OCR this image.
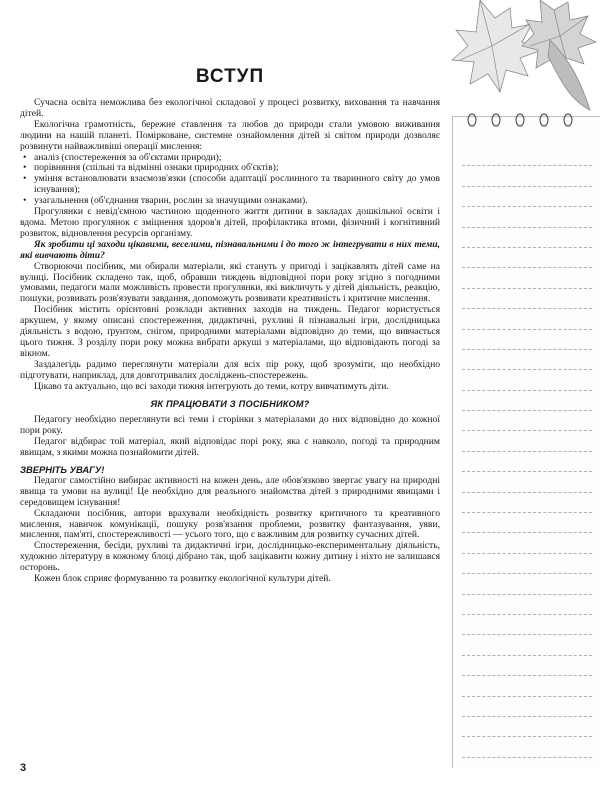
ВСТУП

Сучасна освіта неможлива без екологічної складової у процесі розвитку, виховання та навчання дітей.

Екологічна грамотність, бережне ставлення та любов до природи стали умовою виживання людини на нашій планеті. Помірковане, системне ознайомлення дітей зі світом природи дозволяє розвинути найважливіші операції мислення:

• аналіз (спостереження за об'єктами природи);
• порівняння (спільні та відмінні ознаки природних об'єктів);
• уміння встановлювати взаємозв'язки (способи адаптації рослинного та тваринного світу до умов існування);
• узагальнення (об'єднання тварин, рослин за значущими ознаками).

Прогулянки є невід'ємною частиною щоденного життя дитини в закладах дошкільної освіти і вдома. Метою прогулянок є зміцнення здоров'я дітей, профілактика втоми, фізичний і когнітивний розвиток, відновлення ресурсів організму.

Як зробити ці заходи цікавими, веселими, пізнавальними і до того ж інтегрувати в них теми, які вивчають діти?

Створюючи посібник, ми обирали матеріали, які стануть у пригоді і зацікавлять дітей саме на вулиці. Посібник складено так, щоб, обравши тиждень відповідної пори року згідно з погодними умовами, педагоги мали можливість провести прогулянки, які викличуть у дітей діяльність, реакцію, пошуки, розвивать розв'язувати завдання, допоможуть розвивати креативність і критичне мислення.

Посібник містить орієнтовні розклади активних заходів на тиждень. Педагог користується аркушем, у якому описані спостереження, дидактичні, рухливі й пізнавальні ігри, дослідницька діяльність з водою, ґрунтом, снігом, природними матеріалами відповідно до теми, що вивчається цього тижня. З розділу пори року можна вибрати аркуші з матеріалами, що відповідають погоді за вікном.

Заздалегідь радимо переглянути матеріали для всіх пір року, щоб зрозуміти, що необхідно підготувати, наприклад, для довготривалих досліджень-спостережень.

Цікаво та актуально, що всі заходи тижня інтегрують до теми, котру вивчатимуть діти.

ЯК ПРАЦЮВАТИ З ПОСІБНИКОМ?

Педагогу необхідно переглянути всі теми і сторінки з матеріалами до них відповідно до кожної пори року.

Педагог відбирає той матеріал, який відповідає порі року, яка є навколо, погоді та природним явищам, з якими можна познайомити дітей.

ЗВЕРНІТЬ УВАГУ!

Педагог самостійно вибирає активності на кожен день, але обов'язково звертає увагу на природні явища та умови на вулиці! Це необхідно для реального знайомства дітей з природними явищами і середовищем існування!

Складаючи посібник, автори врахували необхідність розвитку критичного та креативного мислення, навичок комунікації, пошуку розв'язання проблеми, розвитку фантазування, уяви, мислення, пам'яті, спостережливості — усього того, що є важливим для розвитку сучасних дітей.

Спостереження, бесіди, рухливі та дидактичні ігри, дослідницько-експериментальну діяльність, художню літературу в кожному блоці дібрано так, щоб зацікавити кожну дитину і ніхто не залишався осторонь.

Кожен блок сприяє формуванню та розвитку екологічної культури дітей.

3
